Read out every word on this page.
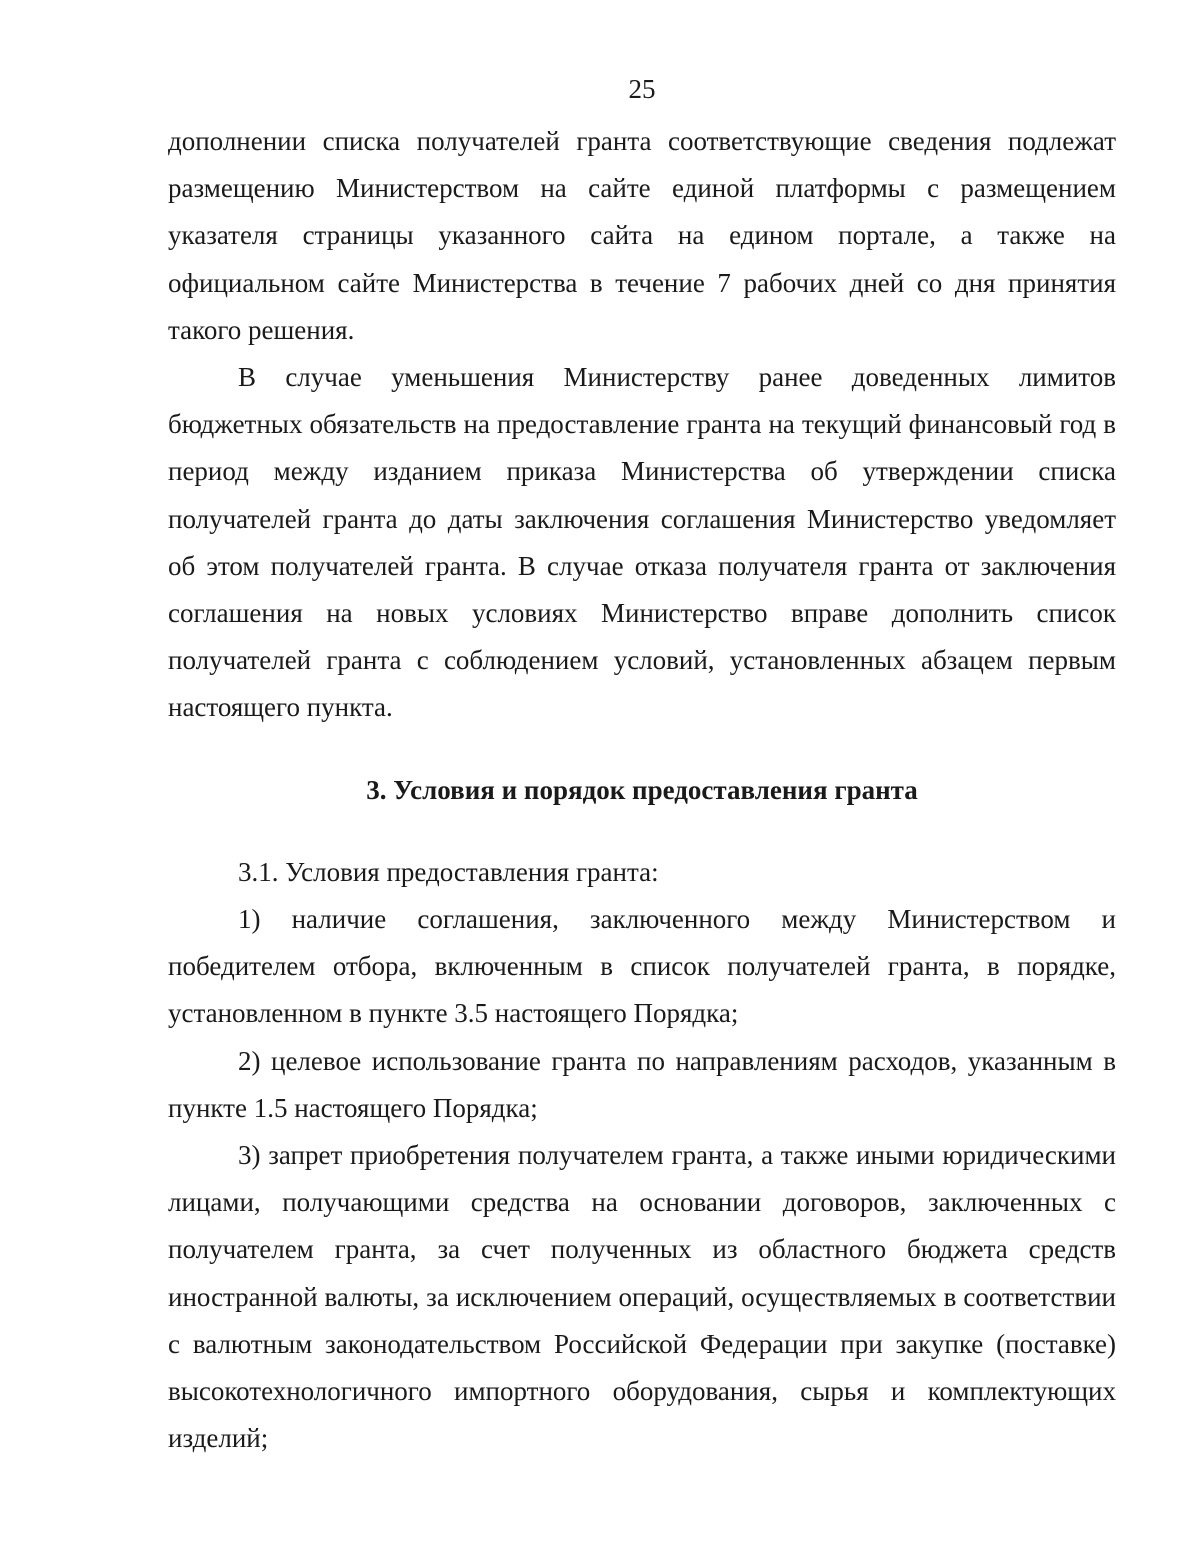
25

дополнении списка получателей гранта соответствующие сведения подлежат размещению Министерством на сайте единой платформы с размещением указателя страницы указанного сайта на едином портале, а также на официальном сайте Министерства в течение 7 рабочих дней со дня принятия такого решения.

В случае уменьшения Министерству ранее доведенных лимитов бюджетных обязательств на предоставление гранта на текущий финансовый год в период между изданием приказа Министерства об утверждении списка получателей гранта до даты заключения соглашения Министерство уведомляет об этом получателей гранта. В случае отказа получателя гранта от заключения соглашения на новых условиях Министерство вправе дополнить список получателей гранта с соблюдением условий, установленных абзацем первым настоящего пункта.

3. Условия и порядок предоставления гранта

3.1. Условия предоставления гранта:

1) наличие соглашения, заключенного между Министерством и победителем отбора, включенным в список получателей гранта, в порядке, установленном в пункте 3.5 настоящего Порядка;

2) целевое использование гранта по направлениям расходов, указанным в пункте 1.5 настоящего Порядка;

3) запрет приобретения получателем гранта, а также иными юридическими лицами, получающими средства на основании договоров, заключенных с получателем гранта, за счет полученных из областного бюджета средств иностранной валюты, за исключением операций, осуществляемых в соответствии с валютным законодательством Российской Федерации при закупке (поставке) высокотехнологичного импортного оборудования, сырья и комплектующих изделий;
